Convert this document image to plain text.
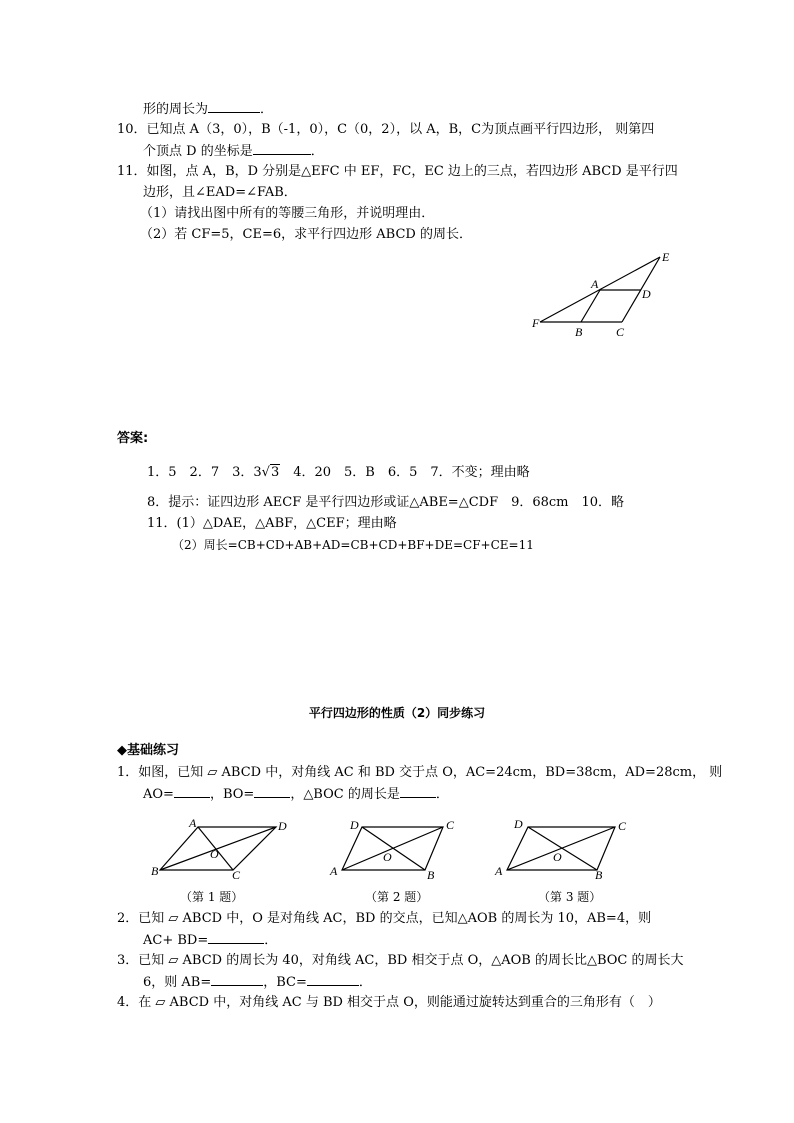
形的周长为	．
10．已知点 A（3，0），B（-1，0），C（0，2），以 A，B，C为顶点画平行四边形， 则第四
个顶点 D 的坐标是	．
11．如图，点 A，B，D 分别是△EFC 中 EF，FC，EC 边上的三点，若四边形 ABCD 是平行四
边形，且∠EAD=∠FAB．
（1）请找出图中所有的等腰三角形，并说明理由．
（2）若 CF=5，CE=6，求平行四边形 ABCD 的周长．
E
A
D
F
B	C
答案:
1．5　2．7　3．3√3　4．20　5．B　6．5　7．不变；理由略
8．提示：证四边形 AECF 是平行四边形或证△ABE=△CDF　9．68cm　10．略
11．(1）△DAE，△ABF，△CEF；理由略
（2）周长=CB+CD+AB+AD=CB+CD+BF+DE=CF+CE=11
平行四边形的性质（2）同步练习
◆基础练习
1．如图，已知 ▱ ABCD 中，对角线 AC 和 BD 交于点 O，AC=24cm，BD=38cm，AD=28cm， 则
AO=	，BO=	，△BOC 的周长是	．
A	D
B	C
O
（第 1 题）
D	C
A	B
O
（第 2 题）
D	C
A	B
O
（第 3 题）
2．已知 ▱ ABCD 中，O 是对角线 AC，BD 的交点，已知△AOB 的周长为 10，AB=4，则
AC+ BD=	．
3．已知 ▱ ABCD 的周长为 40，对角线 AC，BD 相交于点 O，△AOB 的周长比△BOC 的周长大
6，则 AB=	，BC=	．
4．在 ▱ ABCD 中，对角线 AC 与 BD 相交于点 O，则能通过旋转达到重合的三角形有（　）
